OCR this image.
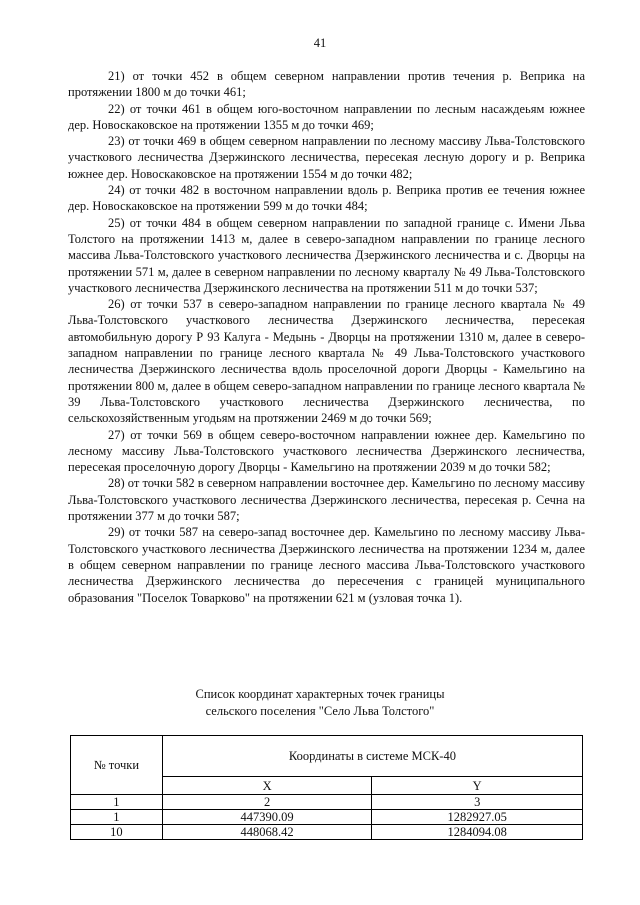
41

21) от точки 452 в общем северном направлении против течения р. Веприка на протяжении 1800 м до точки 461;

22) от точки 461 в общем юго-восточном направлении по лесным насаждеьям южнее дер. Новоскаковское на протяжении 1355 м до точки 469;

23) от точки 469 в общем северном направлении по лесному массиву Льва-Толстовского участкового лесничества Дзержинского лесничества, пересекая лесную дорогу и р. Веприка южнее дер. Новоскаковское на протяжении 1554 м до точки 482;

24) от точки 482 в восточном направлении вдоль р. Веприка против ее течения южнее дер. Новоскаковское на протяжении 599 м до точки 484;

25) от точки 484 в общем северном направлении по западной границе с. Имени Льва Толстого на протяжении 1413 м, далее в северо-западном направлении по границе лесного массива Льва-Толстовского участкового лесничества Дзержинского лесничества и с. Дворцы на протяжении 571 м, далее в северном направлении по лесному кварталу № 49 Льва-Толстовского участкового лесничества Дзержинского лесничества на протяжении 511 м до точки 537;

26) от точки 537 в северо-западном направлении по границе лесного квартала № 49 Льва-Толстовского участкового лесничества Дзержинского лесничества, пересекая автомобильную дорогу Р 93 Калуга - Медынь - Дворцы на протяжении 1310 м, далее в северо-западном направлении по границе лесного квартала № 49 Льва-Толстовского участкового лесничества Дзержинского лесничества вдоль проселочной дороги Дворцы - Камельгино на протяжении 800 м, далее в общем северо-западном направлении по границе лесного квартала № 39 Льва-Толстовского участкового лесничества Дзержинского лесничества, по сельскохозяйственным угодьям на протяжении 2469 м до точки 569;

27) от точки 569 в общем северо-восточном направлении южнее дер. Камельгино по лесному массиву Льва-Толстовского участкового лесничества Дзержинского лесничества, пересекая проселочную дорогу Дворцы - Камельгино на протяжении 2039 м до точки 582;

28) от точки 582 в северном направлении восточнее дер. Камельгино по лесному массиву Льва-Толстовского участкового лесничества Дзержинского лесничества, пересекая р. Сечна на протяжении 377 м до точки 587;

29) от точки 587 на северо-запад восточнее дер. Камельгино по лесному массиву Льва-Толстовского участкового лесничества Дзержинского лесничества на протяжении 1234 м, далее в общем северном направлении по границе лесного массива Льва-Толстовского участкового лесничества Дзержинского лесничества до пересечения с границей муниципального образования "Поселок Товарково" на протяжении 621 м (узловая точка 1).

Список координат характерных точек границы
сельского поселения "Село Льва Толстого"
№ точки	Координаты в системе МСК-40	
	X	Y
1	2	3
1	447390.09	1282927.05
10	448068.42	1284094.08
